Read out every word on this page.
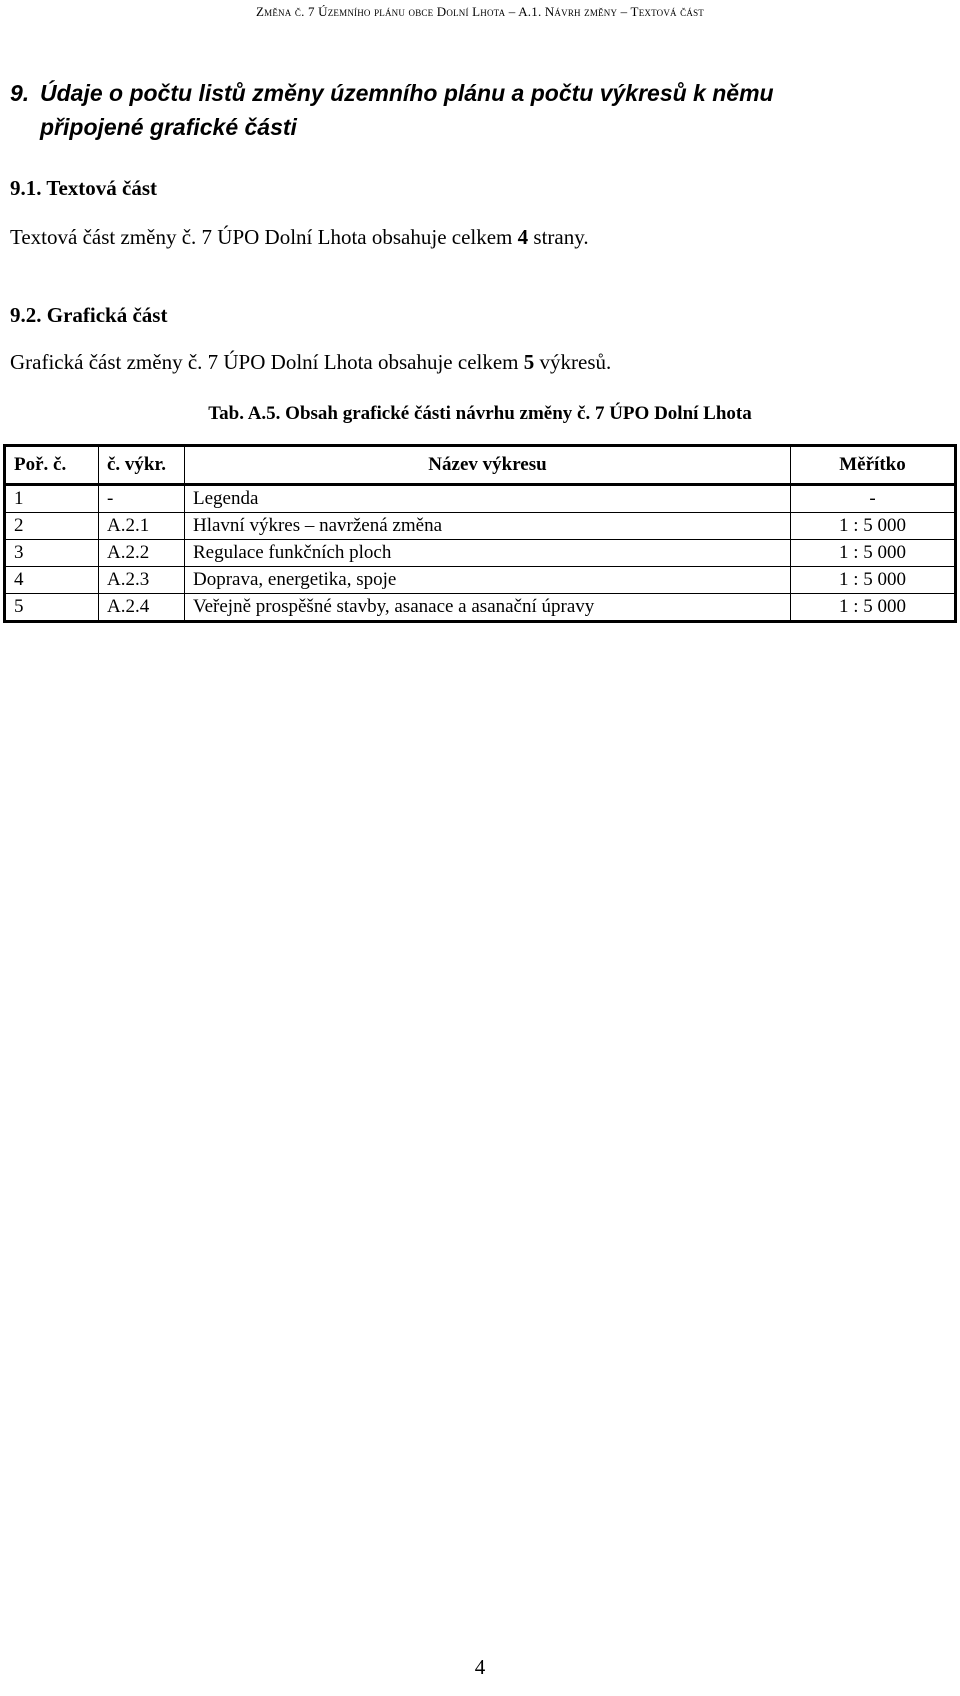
Změna č. 7 Územního plánu obce Dolní Lhota – A.1. Návrh změny – Textová část
9. Údaje o počtu listů změny územního plánu a počtu výkresů k němu
připojené grafické části
9.1. Textová část

Textová část změny č. 7 ÚPO Dolní Lhota obsahuje celkem 4 strany.

9.2. Grafická část

Grafická část změny č. 7 ÚPO Dolní Lhota obsahuje celkem 5 výkresů.

Tab. A.5. Obsah grafické části návrhu změny č. 7 ÚPO Dolní Lhota

Poř. č.	č. výkr.	Název výkresu	Měřítko
1	-	Legenda	-
2	A.2.1	Hlavní výkres – navržená změna	1 : 5 000
3	A.2.2	Regulace funkčních ploch	1 : 5 000
4	A.2.3	Doprava, energetika, spoje	1 : 5 000
5	A.2.4	Veřejně prospěšné stavby, asanace a asanační úpravy	1 : 5 000
4
